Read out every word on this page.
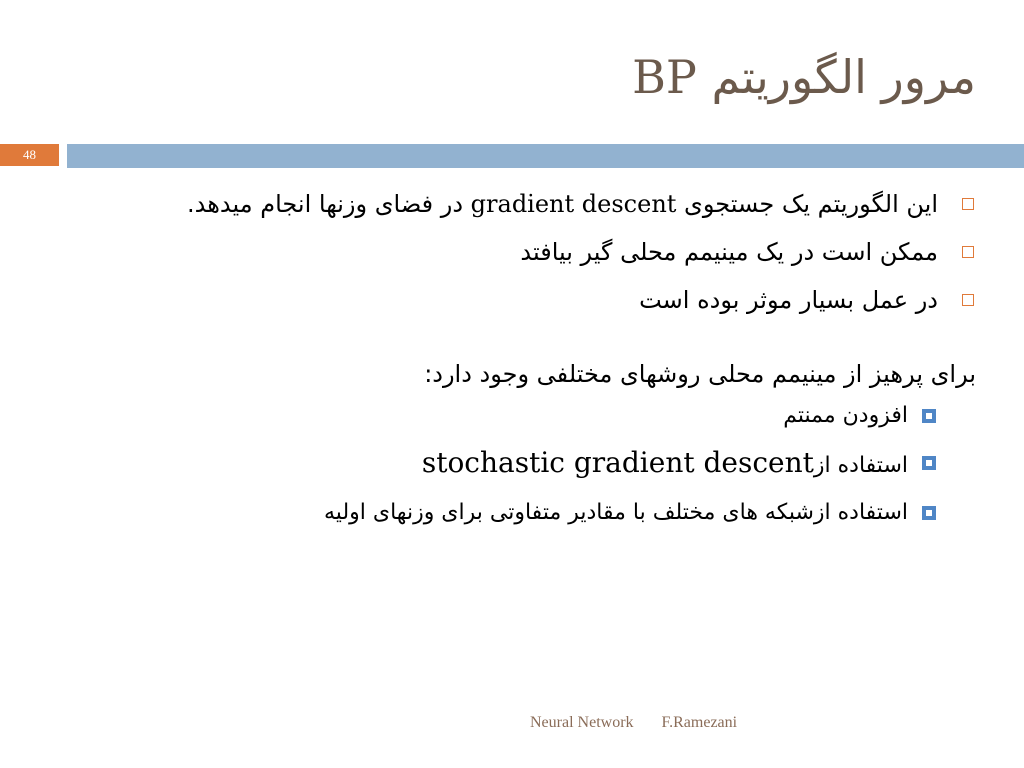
مرور الگوریتم BP
48
این الگوریتم یک جستجوی gradient descent در فضای وزنها انجام میدهد.
ممکن است در یک مینیمم محلی گیر بیافتد
در عمل بسیار موثر بوده است
برای پرهیز از مینیمم محلی روشهای مختلفی وجود دارد:
افزودن ممنتم
استفاده ازstochastic gradient descent
استفاده ازشبکه های مختلف با مقادیر متفاوتی برای وزنهای اولیه
Neural Network F.Ramezani
